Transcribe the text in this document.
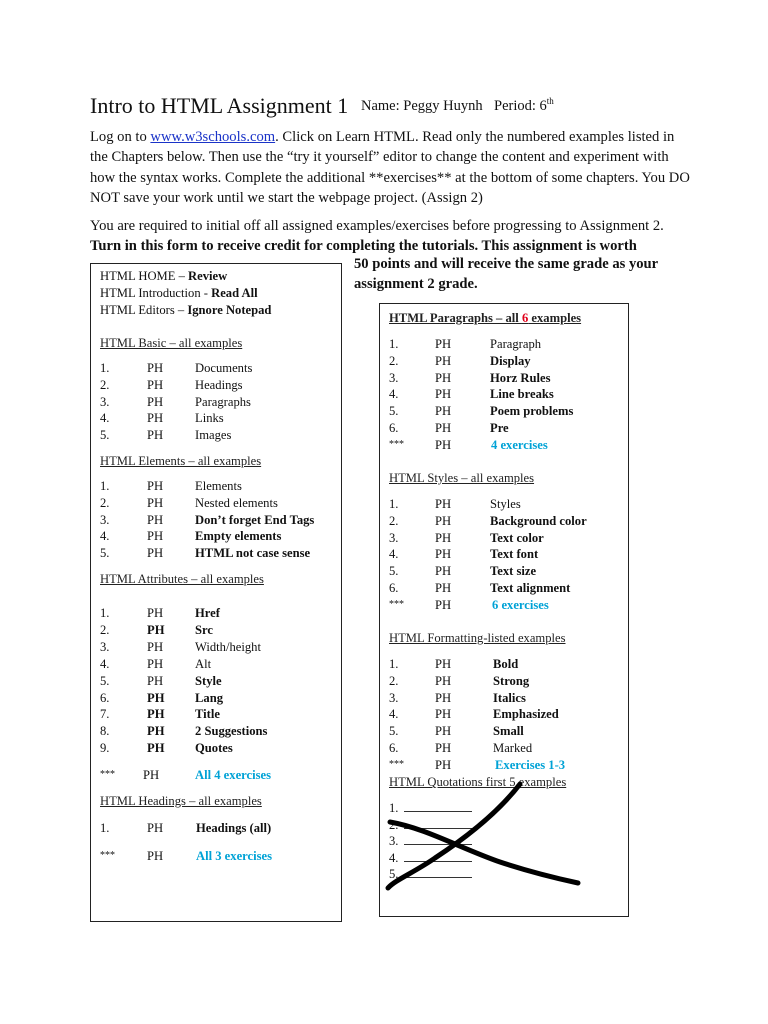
Intro to HTML Assignment 1 Name: Peggy Huynh Period: 6th
Log on to www.w3schools.com. Click on Learn HTML. Read only the numbered examples listed in the Chapters below. Then use the “try it yourself” editor to change the content and experiment with how the syntax works. Complete the additional **exercises** at the bottom of some chapters. You DO NOT save your work until we start the webpage project. (Assign 2)
You are required to initial off all assigned examples/exercises before progressing to Assignment 2. Turn in this form to receive credit for completing the tutorials. This assignment is worth
50 points and will receive the same grade as your assignment 2 grade.
HTML HOME – Review
HTML Introduction - Read All
HTML Editors – Ignore Notepad
HTML Basic – all examples
1.	PH	Documents
2.	PH	Headings
3.	PH	Paragraphs
4.	PH	Links
5.	PH	Images
HTML Elements – all examples
1.	PH	Elements
2.	PH	Nested elements
3.	PH	Don’t forget End Tags
4.	PH	Empty elements
5.	PH	HTML not case sense
HTML Attributes – all examples
1.	PH	Href
2.	PH Src
3.	PH	Width/height
4.	PH	Alt
5.	PH	Style
6.	PH Lang
7.	PH Title
8.	PH 2 Suggestions
9.	PH Quotes
*** PH	All 4 exercises
HTML Headings – all examples
1.	PH	Headings (all)
***	PH	All 3 exercises
HTML Paragraphs – all 6 examples
1.	PH	Paragraph
2.	PH	Display
3.	PH	Horz Rules
4.	PH	Line breaks
5.	PH	Poem problems
6.	PH	Pre
*** PH	4 exercises
HTML Styles – all examples
1.	PH	Styles
2.	PH	Background color
3.	PH	Text color
4.	PH	Text font
5.	PH	Text size
6.	PH	Text alignment
*** PH	6 exercises
HTML Formatting-listed examples
1.	PH	Bold
2.	PH	Strong
3.	PH	Italics
4.	PH	Emphasized
5.	PH	Small
6.	PH	Marked
*** PH	Exercises 1-3
HTML Quotations first 5 examples
1.
2.
3.
4.
5.
